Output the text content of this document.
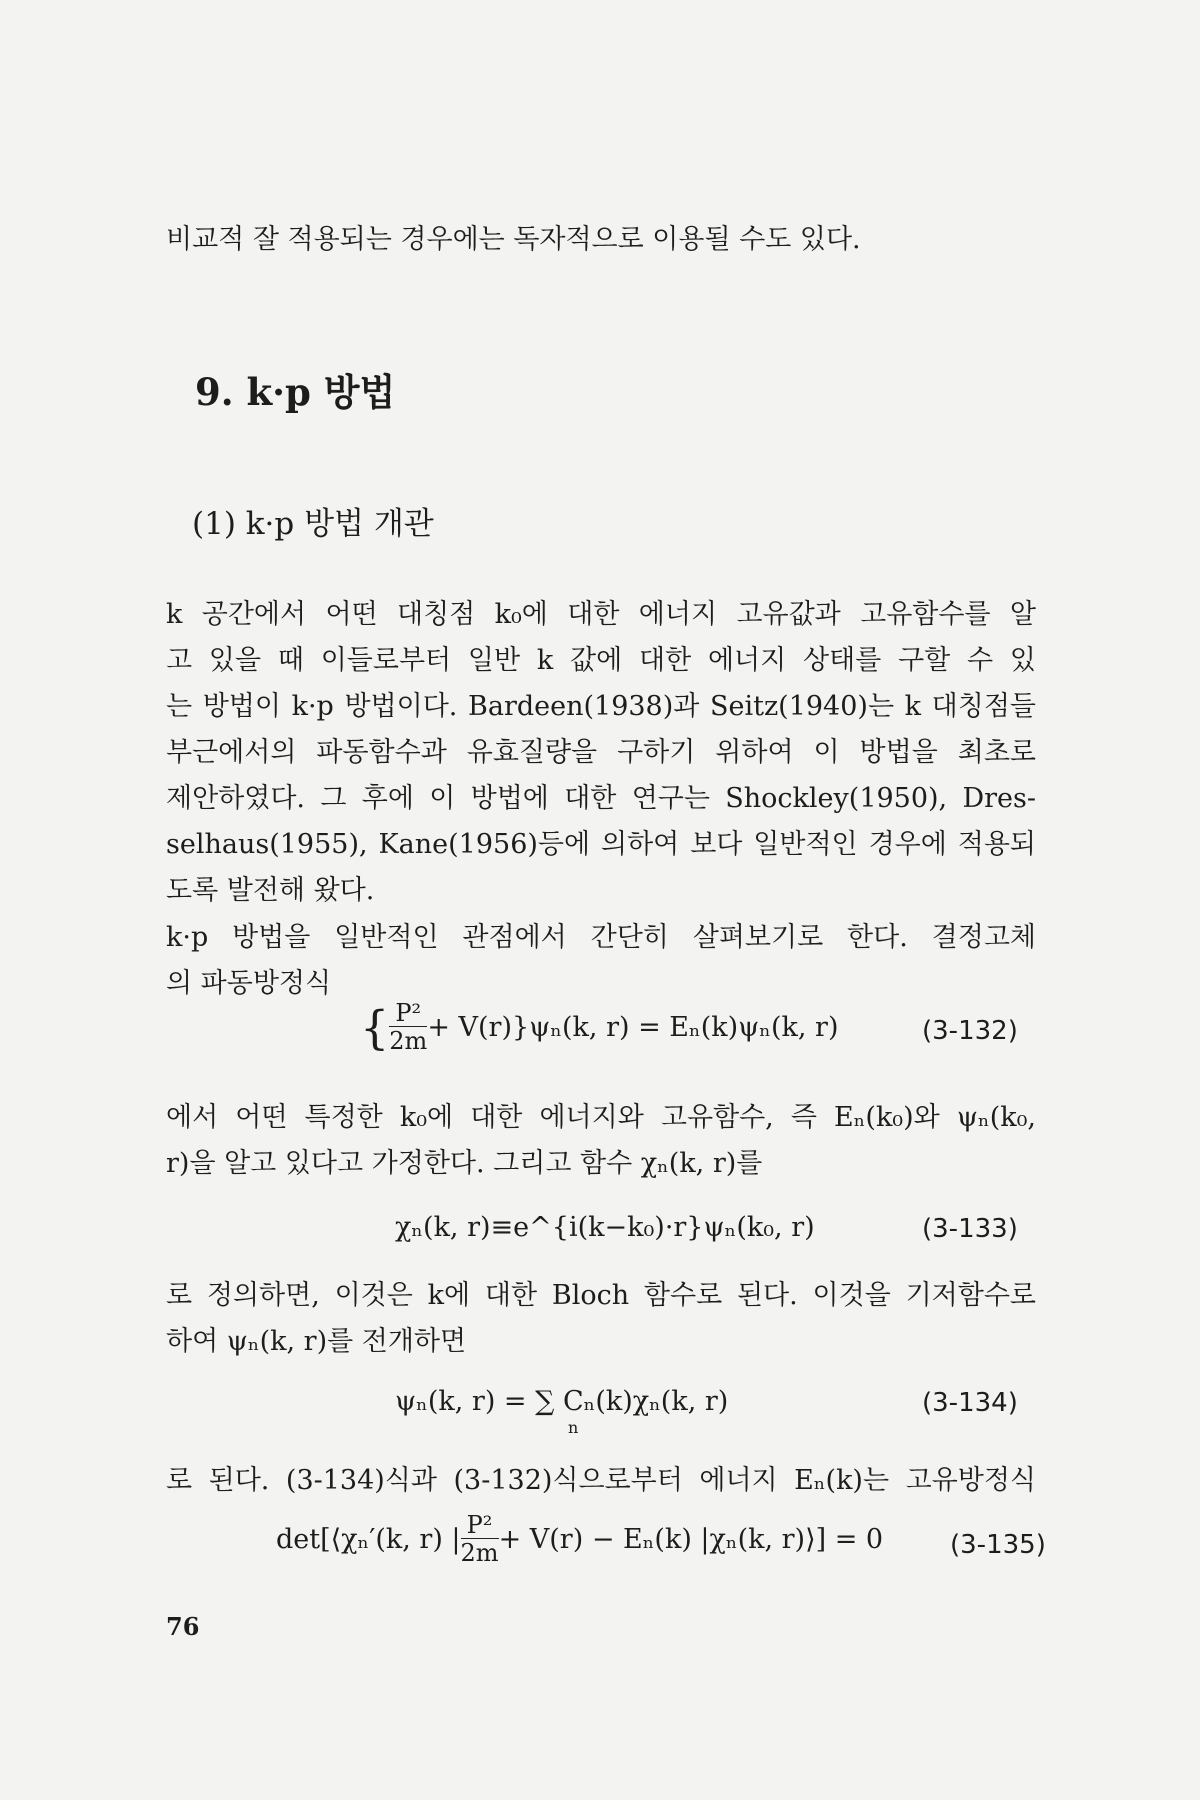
비교적 잘 적용되는 경우에는 독자적으로 이용될 수도 있다.
9. k·p 방법
(1) k·p 방법 개관
k 공간에서 어떤 대칭점 k₀에 대한 에너지 고유값과 고유함수를 알
고 있을 때 이들로부터 일반 k 값에 대한 에너지 상태를 구할 수 있
는 방법이 k·p 방법이다. Bardeen(1938)과 Seitz(1940)는 k 대칭점들
부근에서의 파동함수과 유효질량을 구하기 위하여 이 방법을 최초로
제안하였다. 그 후에 이 방법에 대한 연구는 Shockley(1950), Dres-
selhaus(1955), Kane(1956)등에 의하여 보다 일반적인 경우에 적용되
도록 발전해 왔다.
k·p 방법을 일반적인 관점에서 간단히 살펴보기로 한다. 결정고체
의 파동방정식
{ $\frac{\text{P²}}{2m} + V(r)\}\psi_n(k$, r) = Eₙ(k)ψₙ(k, r)	(3-132)
에서 어떤 특정한 k₀에 대한 에너지와 고유함수, 즉 Eₙ(k₀)와 ψₙ(k₀,
r)을 알고 있다고 가정한다. 그리고 함수 χₙ(k, r)를
χₙ(k, r)≡e^{i(k−k₀)·r}ψₙ(k₀, r)	(3-133)
로 정의하면, 이것은 k에 대한 Bloch 함수로 된다. 이것을 기저함수로
하여 ψₙ(k, r)를 전개하면
ψₙ(k, r) = ∑ Cₙ(k)χₙ(k, r)
n
(3-134)
로 된다. (3-134)식과 (3-132)식으로부터 에너지 Eₙ(k)는 고유방정식
det[⟨χₙ′(k, r) | $\frac{\text{P²}}{2m} + V(r) - E_n(k)$ |χₙ(k, r)⟩] = 0	(3-135)
76
